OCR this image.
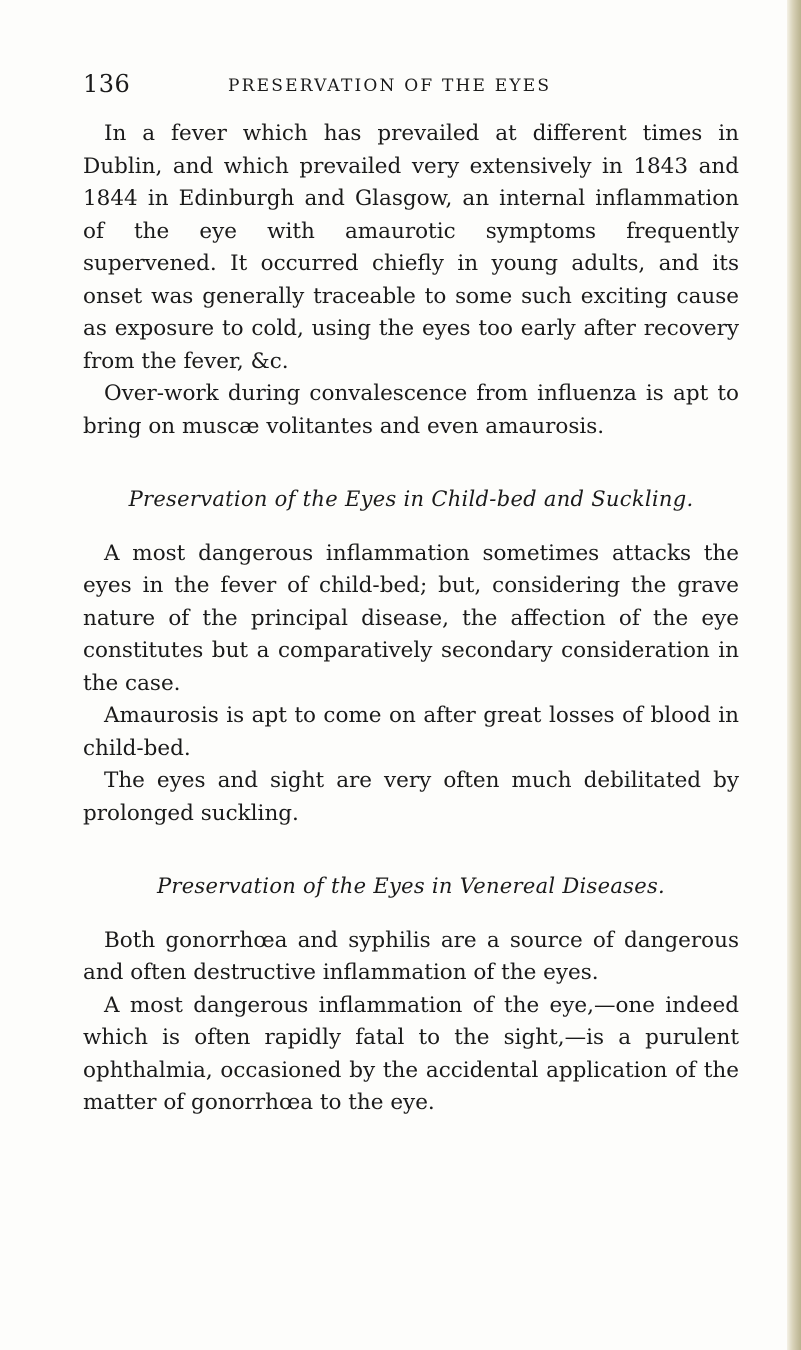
136	PRESERVATION OF THE EYES

In a fever which has prevailed at different times in Dublin, and which prevailed very extensively in 1843 and 1844 in Edinburgh and Glasgow, an internal inflammation of the eye with amaurotic symptoms frequently supervened. It occurred chiefly in young adults, and its onset was generally traceable to some such exciting cause as exposure to cold, using the eyes too early after recovery from the fever, &c.

Over-work during convalescence from influenza is apt to bring on muscæ volitantes and even amaurosis.

Preservation of the Eyes in Child-bed and Suckling.

A most dangerous inflammation sometimes attacks the eyes in the fever of child-bed; but, considering the grave nature of the principal disease, the affection of the eye constitutes but a comparatively secondary consideration in the case.

Amaurosis is apt to come on after great losses of blood in child-bed.

The eyes and sight are very often much debilitated by prolonged suckling.

Preservation of the Eyes in Venereal Diseases.

Both gonorrhœa and syphilis are a source of dangerous and often destructive inflammation of the eyes.

A most dangerous inflammation of the eye,—one indeed which is often rapidly fatal to the sight,—is a purulent ophthalmia, occasioned by the accidental application of the matter of gonorrhœa to the eye.
